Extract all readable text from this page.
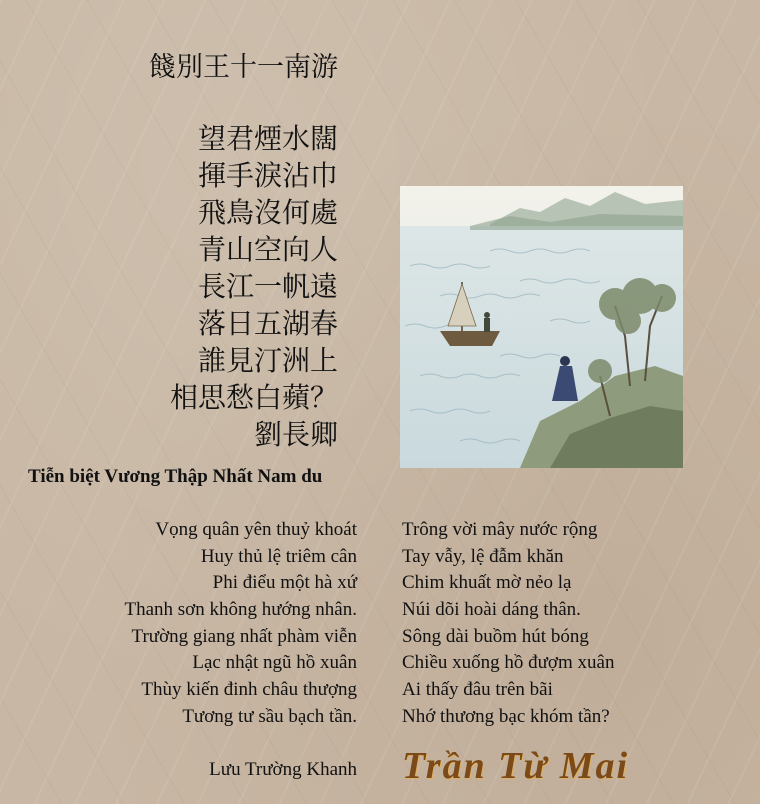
餞別王十一南游
望君煙水闊
揮手淚沾巾
飛鳥沒何處
青山空向人
長江一帆遠
落日五湖春
誰見汀洲上
相思愁白蘋？
劉長卿
Tiễn biệt Vương Thập Nhất Nam du
Vọng quân yên thuỷ khoát
Huy thủ lệ triêm cân
Phi điểu một hà xứ
Thanh sơn không hướng nhân.
Trường giang nhất phàm viễn
Lạc nhật ngũ hồ xuân
Thùy kiến đinh châu thượng
Tương tư sầu bạch tần.
Trông vời mây nước rộng
Tay vẫy, lệ đẫm khăn
Chim khuất mờ nẻo lạ
Núi dõi hoài dáng thân.
Sông dài buồm hút bóng
Chiều xuống hồ đượm xuân
Ai thấy đâu trên bãi
Nhớ thương bạc khóm tần?
Lưu Trường Khanh Trần Từ Mai
